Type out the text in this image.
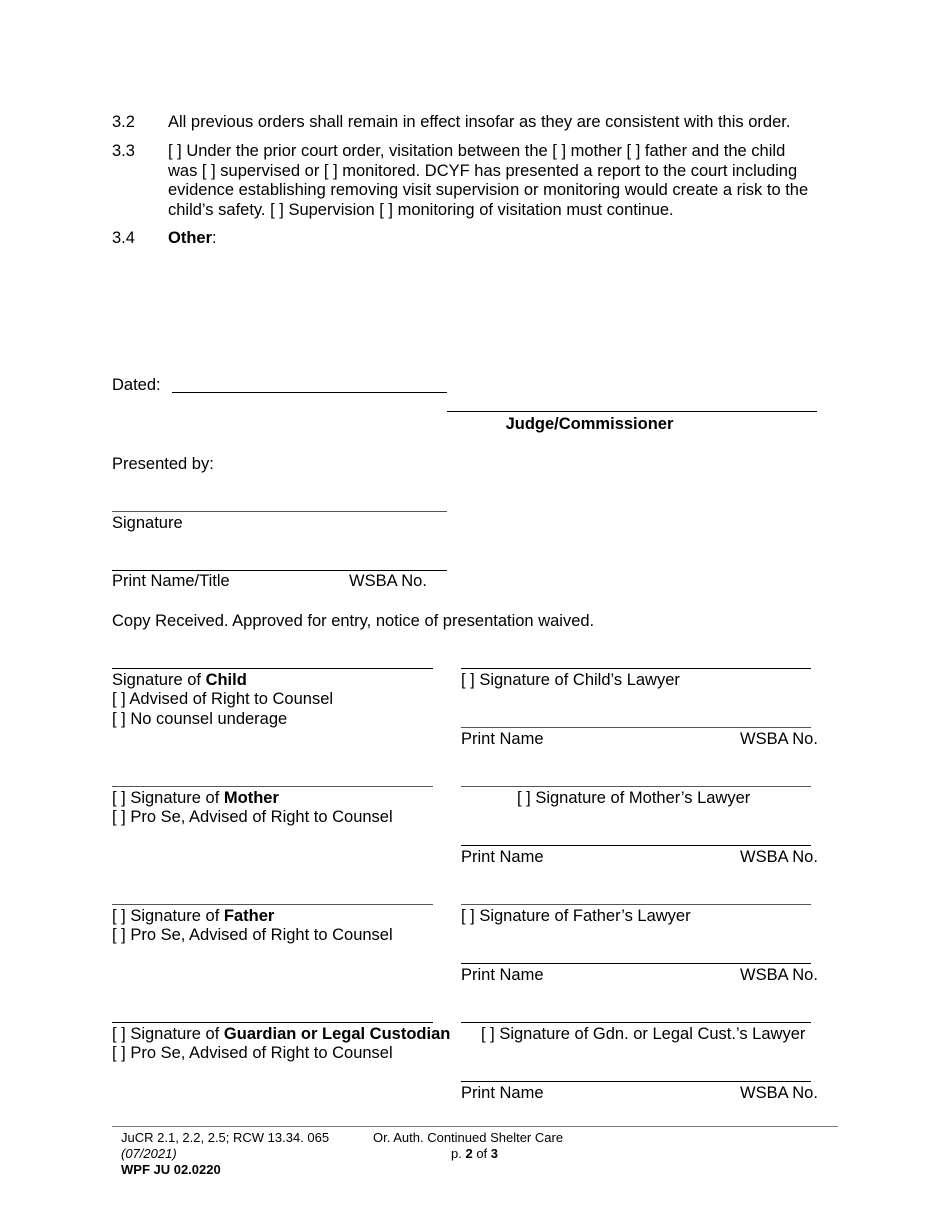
3.2 All previous orders shall remain in effect insofar as they are consistent with this order.
3.3 [ ] Under the prior court order, visitation between the [ ] mother [ ] father and the child
was [ ] supervised or [ ] monitored. DCYF has presented a report to the court including
evidence establishing removing visit supervision or monitoring would create a risk to the
child’s safety. [ ] Supervision [ ] monitoring of visitation must continue.
3.4 Other:
Dated:
Judge/Commissioner
Presented by:
Signature
Print Name/Title	WSBA No.
Copy Received. Approved for entry, notice of presentation waived.
Signature of Child
[ ] Advised of Right to Counsel
[ ] No counsel underage
[ ] Signature of Child’s Lawyer
Print Name	WSBA No.
[ ] Signature of Mother
[ ] Pro Se, Advised of Right to Counsel
[ ] Signature of Mother’s Lawyer
Print Name	WSBA No.
[ ] Signature of Father
[ ] Pro Se, Advised of Right to Counsel
[ ] Signature of Father’s Lawyer
Print Name	WSBA No.
[ ] Signature of Guardian or Legal Custodian
[ ] Pro Se, Advised of Right to Counsel
[ ] Signature of Gdn. or Legal Cust.’s Lawyer
Print Name	WSBA No.
JuCR 2.1, 2.2, 2.5; RCW 13.34. 065
(07/2021)
WPF JU 02.0220
Or. Auth. Continued Shelter Care
p. 2 of 3
